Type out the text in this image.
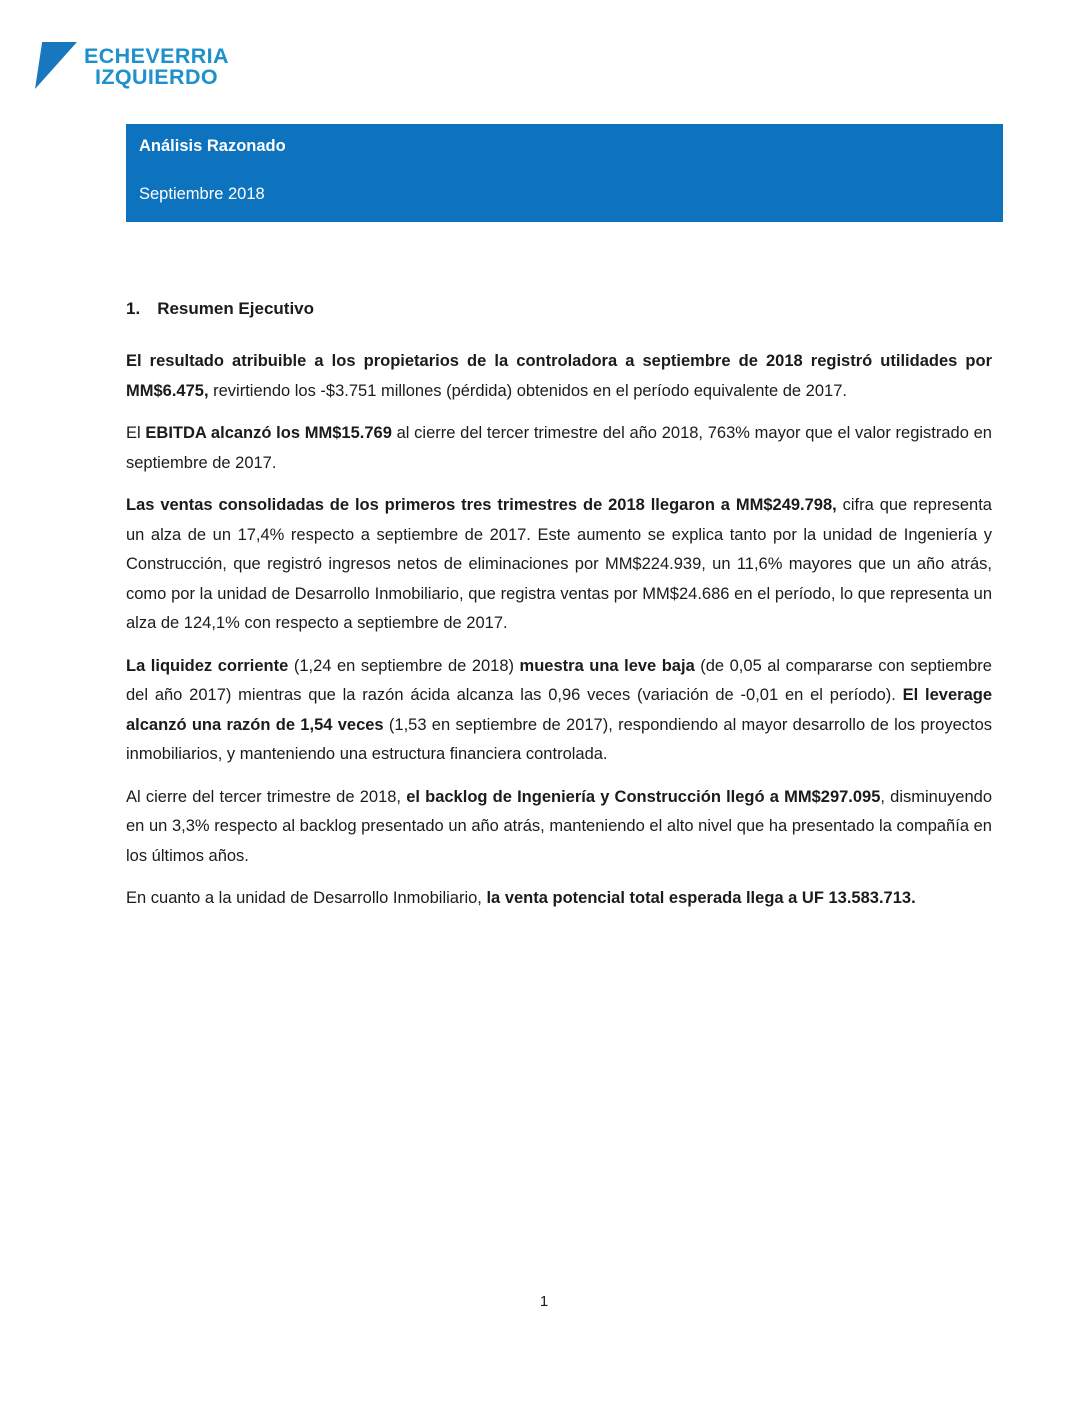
ECHEVERRIA
IZQUIERDO
Análisis Razonado
Septiembre 2018
1. Resumen Ejecutivo

El resultado atribuible a los propietarios de la controladora a septiembre de 2018 registró utilidades por MM$6.475, revirtiendo los -$3.751 millones (pérdida) obtenidos en el período equivalente de 2017.

El EBITDA alcanzó los MM$15.769 al cierre del tercer trimestre del año 2018, 763% mayor que el valor registrado en septiembre de 2017.

Las ventas consolidadas de los primeros tres trimestres de 2018 llegaron a MM$249.798, cifra que representa un alza de un 17,4% respecto a septiembre de 2017. Este aumento se explica tanto por la unidad de Ingeniería y Construcción, que registró ingresos netos de eliminaciones por MM$224.939, un 11,6% mayores que un año atrás, como por la unidad de Desarrollo Inmobiliario, que registra ventas por MM$24.686 en el período, lo que representa un alza de 124,1% con respecto a septiembre de 2017.

La liquidez corriente (1,24 en septiembre de 2018) muestra una leve baja (de 0,05 al compararse con septiembre del año 2017) mientras que la razón ácida alcanza las 0,96 veces (variación de -0,01 en el período). El leverage alcanzó una razón de 1,54 veces (1,53 en septiembre de 2017), respondiendo al mayor desarrollo de los proyectos inmobiliarios, y manteniendo una estructura financiera controlada.

Al cierre del tercer trimestre de 2018, el backlog de Ingeniería y Construcción llegó a MM$297.095, disminuyendo en un 3,3% respecto al backlog presentado un año atrás, manteniendo el alto nivel que ha presentado la compañía en los últimos años.

En cuanto a la unidad de Desarrollo Inmobiliario, la venta potencial total esperada llega a UF 13.583.713.

1
